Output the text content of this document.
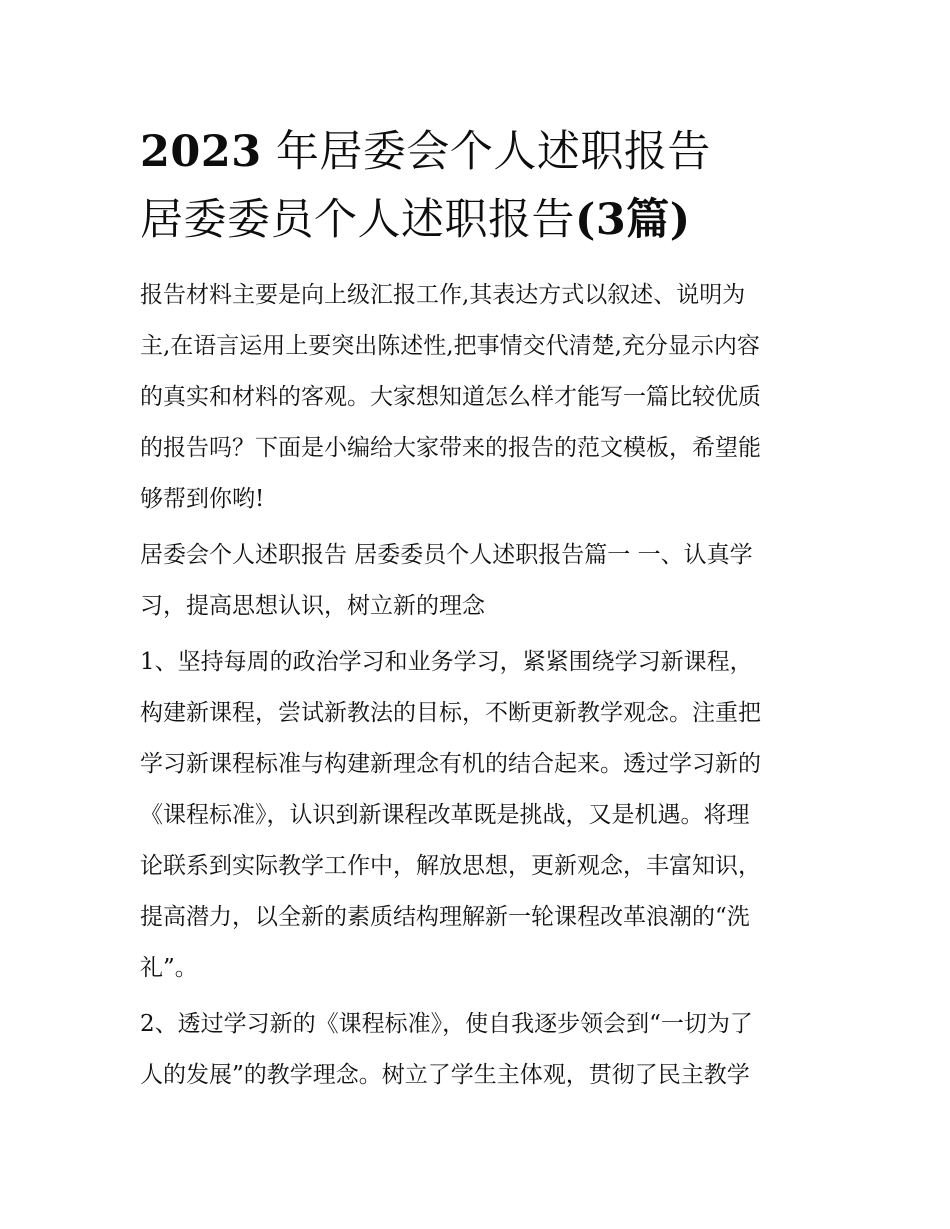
2023 年居委会个人述职报告
居委委员个人述职报告(3篇)
报告材料主要是向上级汇报工作,其表达方式以叙述、说明为
主,在语言运用上要突出陈述性,把事情交代清楚,充分显示内容
的真实和材料的客观。大家想知道怎么样才能写一篇比较优质
的报告吗？下面是小编给大家带来的报告的范文模板，希望能
够帮到你哟!
居委会个人述职报告 居委委员个人述职报告篇一 一、认真学
习，提高思想认识，树立新的理念
1、坚持每周的政治学习和业务学习，紧紧围绕学习新课程，
构建新课程，尝试新教法的目标，不断更新教学观念。注重把
学习新课程标准与构建新理念有机的结合起来。透过学习新的
《课程标准》，认识到新课程改革既是挑战，又是机遇。将理
论联系到实际教学工作中，解放思想，更新观念，丰富知识，
提高潜力，以全新的素质结构理解新一轮课程改革浪潮的“洗
礼”。
2、透过学习新的《课程标准》，使自我逐步领会到“一切为了
人的发展”的教学理念。树立了学生主体观，贯彻了民主教学
